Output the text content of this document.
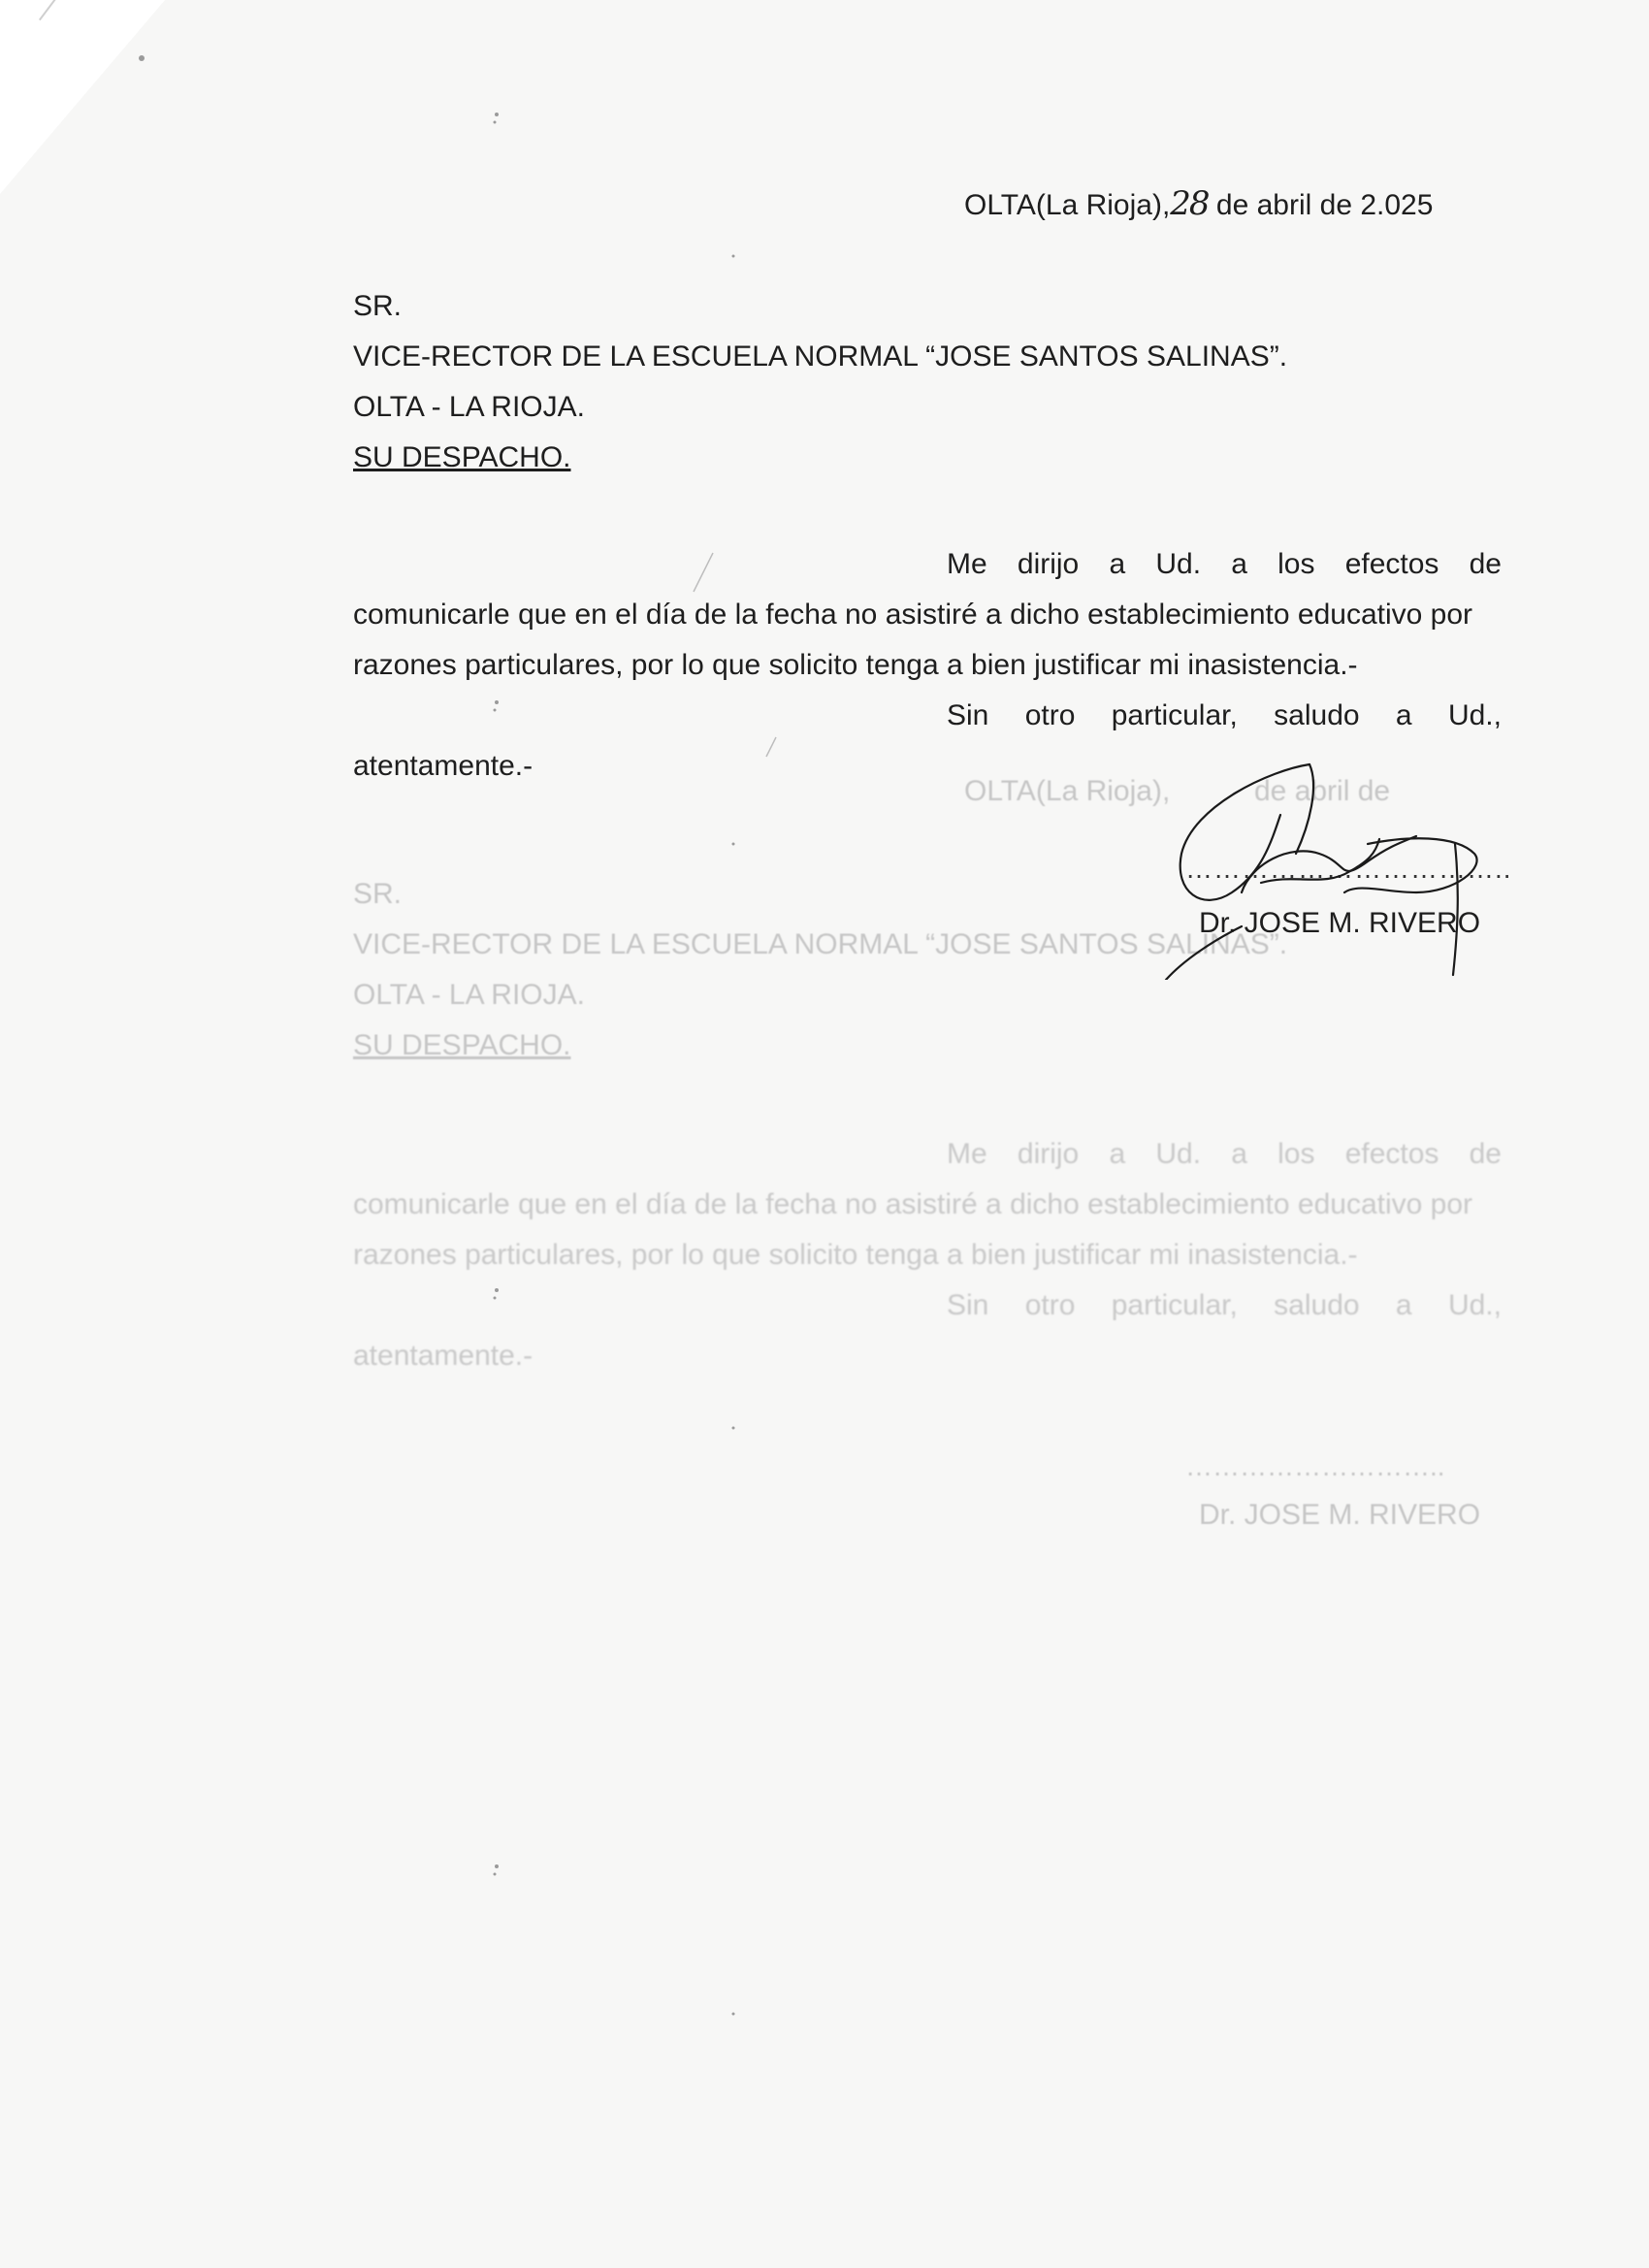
OLTA(La Rioja),	de abril de
SR.
VICE-RECTOR DE LA ESCUELA NORMAL “JOSE SANTOS SALINAS”.
OLTA - LA RIOJA.
SU DESPACHO.
Me dirijo a Ud. a los efectos de
comunicarle que en el día de la fecha no asistiré a dicho establecimiento educativo por
razones particulares, por lo que solicito tenga a bien justificar mi inasistencia.-
Sin otro particular, saludo a Ud.,
atentamente.-
………………………..
Dr. JOSE M. RIVERO
OLTA(La Rioja),28 de abril de 2.025
SR.
VICE-RECTOR DE LA ESCUELA NORMAL “JOSE SANTOS SALINAS”.
OLTA - LA RIOJA.
SU DESPACHO.
Me dirijo a Ud. a los efectos de
comunicarle que en el día de la fecha no asistiré a dicho establecimiento educativo por
razones particulares, por lo que solicito tenga a bien justificar mi inasistencia.-
Sin otro particular, saludo a Ud.,
atentamente.-
……………………………..
Dr. JOSE M. RIVERO
